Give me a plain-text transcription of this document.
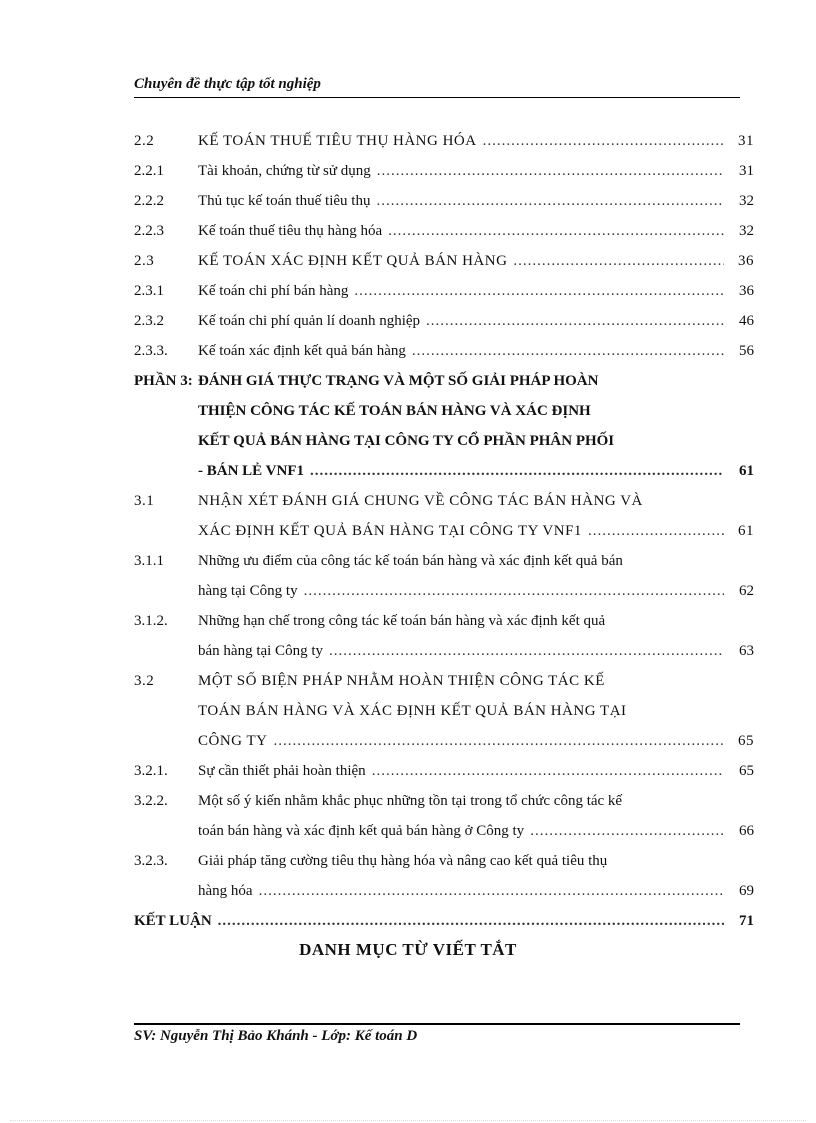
Chuyên đề thực tập tốt nghiệp
2.2	KẾ TOÁN THUẾ TIÊU THỤ HÀNG HÓA .....	31
2.2.1 Tài khoản, chứng từ sử dụng .....	31
2.2.2 Thủ tục kế toán thuế tiêu thụ .....	32
2.2.3 Kế toán thuế tiêu thụ hàng hóa .....	32
2.3	KẾ TOÁN XÁC ĐỊNH KẾT QUẢ BÁN HÀNG .....	36
2.3.1 Kế toán chi phí bán hàng .....	36
2.3.2 Kế toán chi phí quản lí doanh nghiệp .....	46
2.3.3. Kế toán xác định kết quả bán hàng .....	56
PHẦN 3: ĐÁNH GIÁ THỰC TRẠNG VÀ MỘT SỐ GIẢI PHÁP HOÀN
THIỆN CÔNG TÁC KẾ TOÁN BÁN HÀNG VÀ XÁC ĐỊNH
KẾT QUẢ BÁN HÀNG TẠI CÔNG TY CỔ PHẦN PHÂN PHỐI
- BÁN LẺ VNF1 .....	61
3.1	NHẬN XÉT ĐÁNH GIÁ CHUNG VỀ CÔNG TÁC BÁN HÀNG VÀ
XÁC ĐỊNH KẾT QUẢ BÁN HÀNG TẠI CÔNG TY VNF1 .....	61
3.1.1 Những ưu điểm của công tác kế toán bán hàng và xác định kết quả bán
hàng tại Công ty .....	62
3.1.2. Những hạn chế trong công tác kế toán bán hàng và xác định kết quả
bán hàng tại Công ty .....	63
3.2	MỘT SỐ BIỆN PHÁP NHẰM HOÀN THIỆN CÔNG TÁC KẾ
TOÁN BÁN HÀNG VÀ XÁC ĐỊNH KẾT QUẢ BÁN HÀNG TẠI
CÔNG TY .....	65
3.2.1. Sự cần thiết phải hoàn thiện .....	65
3.2.2. Một số ý kiến nhằm khắc phục những tồn tại trong tổ chức công tác kế
toán bán hàng và xác định kết quả bán hàng ở Công ty .....	66
3.2.3. Giải pháp tăng cường tiêu thụ hàng hóa và nâng cao kết quả tiêu thụ
hàng hóa .....	69
KẾT LUẬN .....	71
DANH MỤC TỪ VIẾT TẮT
SV: Nguyễn Thị Bảo Khánh - Lớp: Kế toán D
